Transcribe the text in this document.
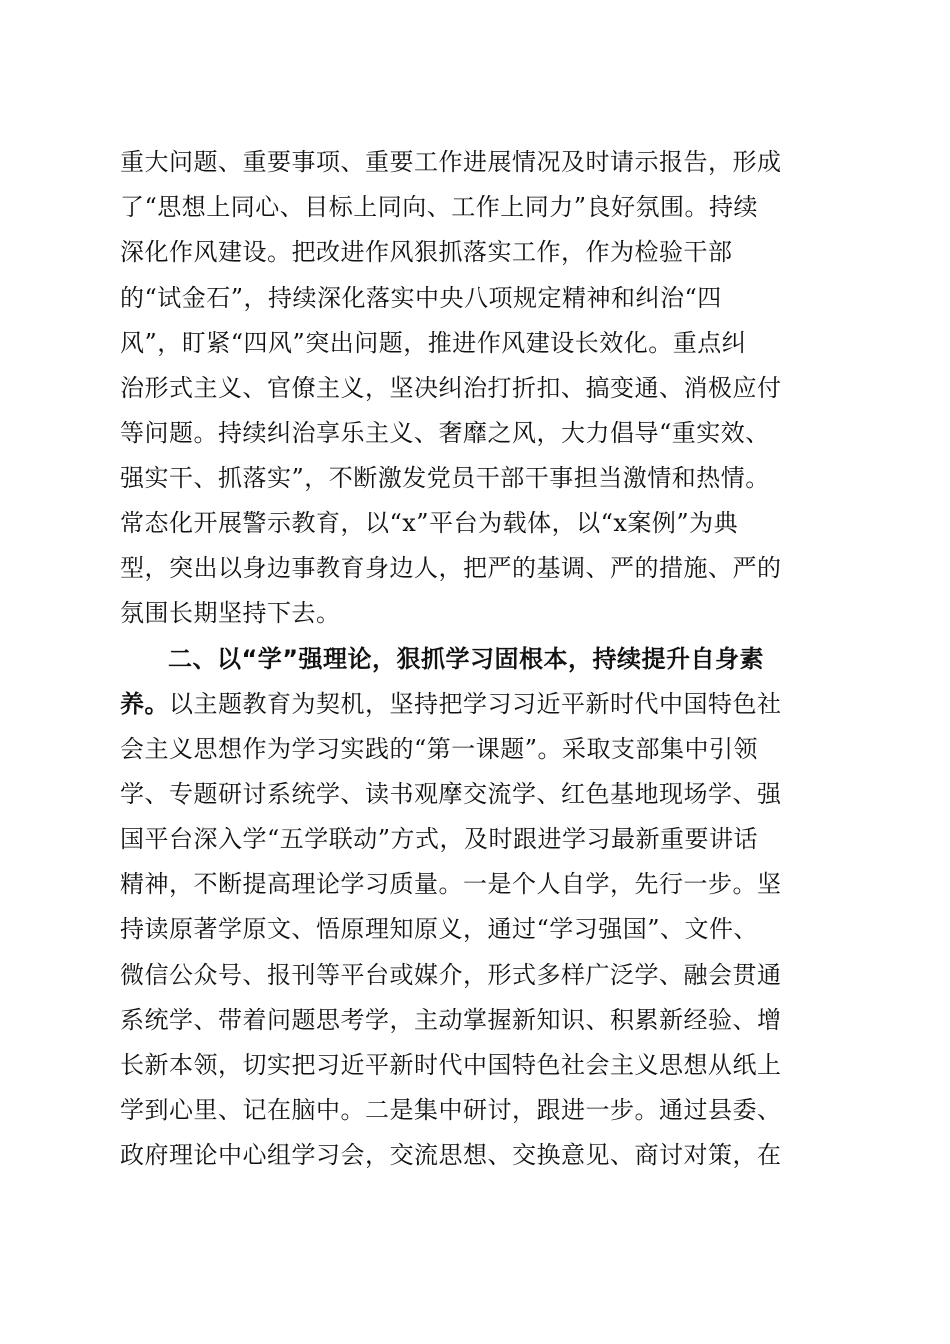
重大问题、重要事项、重要工作进展情况及时请示报告，形成
了“思想上同心、目标上同向、工作上同力”良好氛围。持续
深化作风建设。把改进作风狠抓落实工作，作为检验干部
的“试金石”，持续深化落实中央八项规定精神和纠治“四
风”，盯紧“四风”突出问题，推进作风建设长效化。重点纠
治形式主义、官僚主义，坚决纠治打折扣、搞变通、消极应付
等问题。持续纠治享乐主义、奢靡之风，大力倡导“重实效、
强实干、抓落实”，不断激发党员干部干事担当激情和热情。
常态化开展警示教育，以“x”平台为载体，以“x案例”为典
型，突出以身边事教育身边人，把严的基调、严的措施、严的
氛围长期坚持下去。
二、以“学”强理论，狠抓学习固根本，持续提升自身素
养。以主题教育为契机，坚持把学习习近平新时代中国特色社
会主义思想作为学习实践的“第一课题”。采取支部集中引领
学、专题研讨系统学、读书观摩交流学、红色基地现场学、强
国平台深入学“五学联动”方式，及时跟进学习最新重要讲话
精神，不断提高理论学习质量。一是个人自学，先行一步。坚
持读原著学原文、悟原理知原义，通过“学习强国”、文件、
微信公众号、报刊等平台或媒介，形式多样广泛学、融会贯通
系统学、带着问题思考学，主动掌握新知识、积累新经验、增
长新本领，切实把习近平新时代中国特色社会主义思想从纸上
学到心里、记在脑中。二是集中研讨，跟进一步。通过县委、
政府理论中心组学习会，交流思想、交换意见、商讨对策，在
